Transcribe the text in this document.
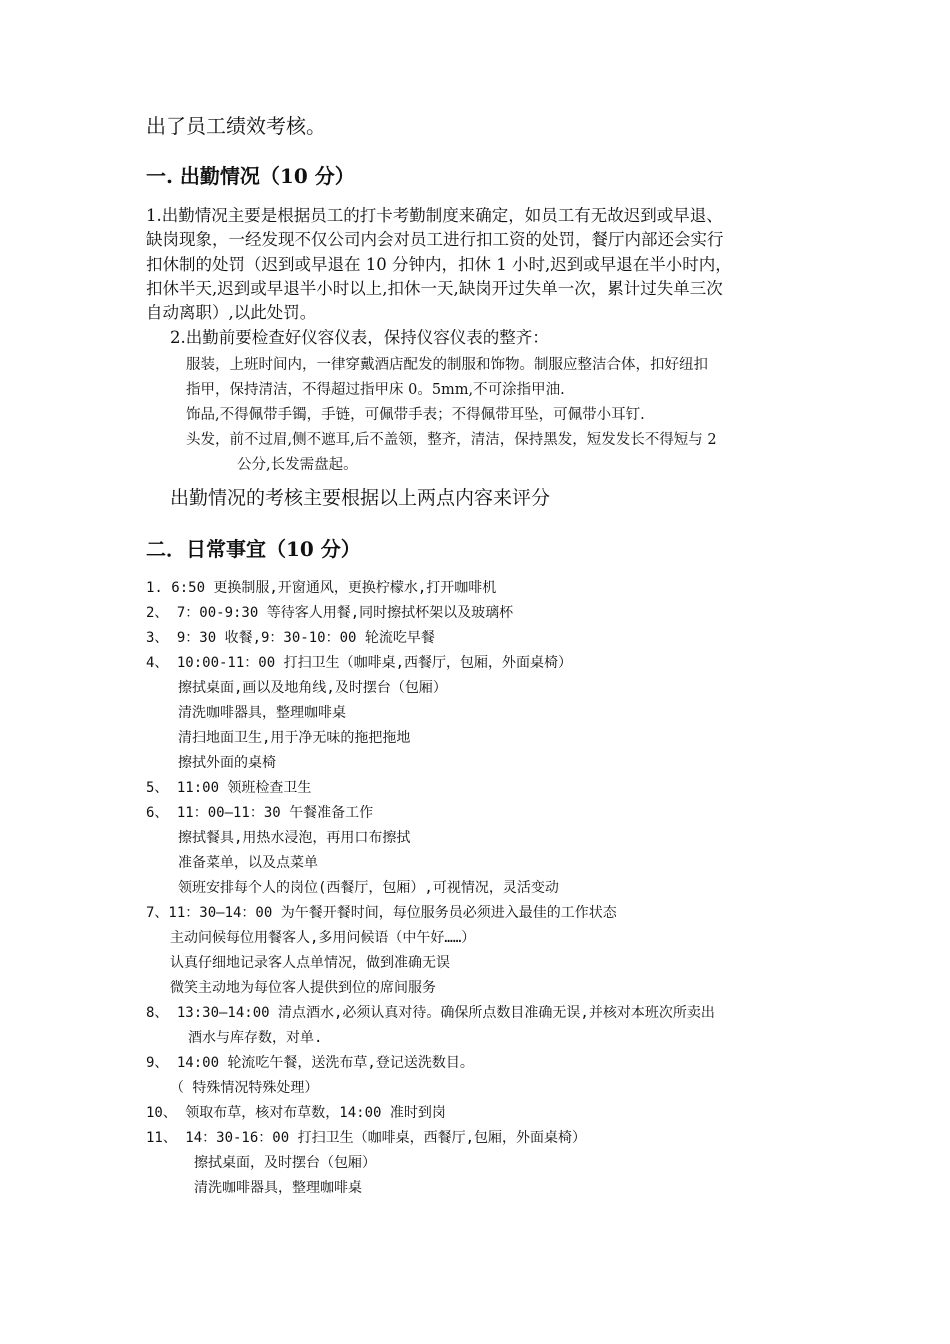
出了员工绩效考核。
一. 出勤情况（10 分）
1.出勤情况主要是根据员工的打卡考勤制度来确定，如员工有无故迟到或早退、
缺岗现象，一经发现不仅公司内会对员工进行扣工资的处罚，餐厅内部还会实行
扣休制的处罚（迟到或早退在 10 分钟内，扣休 1 小时,迟到或早退在半小时内，
扣休半天,迟到或早退半小时以上,扣休一天,缺岗开过失单一次，累计过失单三次
自动离职）,以此处罚。
2.出勤前要检查好仪容仪表，保持仪容仪表的整齐：
服装，上班时间内，一律穿戴酒店配发的制服和饰物。制服应整洁合体，扣好纽扣
指甲，保持清洁，不得超过指甲床 0。5mm,不可涂指甲油.
饰品,不得佩带手镯，手链，可佩带手表；不得佩带耳坠，可佩带小耳钉.
头发，前不过眉,侧不遮耳,后不盖领，整齐，清洁，保持黑发，短发发长不得短与 2
公分,长发需盘起。
出勤情况的考核主要根据以上两点内容来评分
二．日常事宜（10 分）
1. 6:50 更换制服,开窗通风，更换柠檬水,打开咖啡机
2、 7：00-9:30 等待客人用餐,同时擦拭杯架以及玻璃杯
3、 9：30 收餐,9：30-10：00 轮流吃早餐
4、 10:00-11：00 打扫卫生（咖啡桌,西餐厅，包厢，外面桌椅）
擦拭桌面,画以及地角线,及时摆台（包厢）
清洗咖啡器具，整理咖啡桌
清扫地面卫生,用于净无味的拖把拖地
擦拭外面的桌椅
5、 11:00 领班检查卫生
6、 11：00—11：30 午餐准备工作
擦拭餐具,用热水浸泡，再用口布擦拭
准备菜单，以及点菜单
领班安排每个人的岗位(西餐厅，包厢）,可视情况，灵活变动
7、11：30—14：00 为午餐开餐时间，每位服务员必须进入最佳的工作状态
主动问候每位用餐客人,多用问候语（中午好……）
认真仔细地记录客人点单情况，做到准确无误
微笑主动地为每位客人提供到位的席间服务
8、 13:30—14:00 清点酒水,必须认真对待。确保所点数目准确无误,并核对本班次所卖出
酒水与库存数，对单.
9、 14:00 轮流吃午餐，送洗布草,登记送洗数目。
（ 特殊情况特殊处理）
10、 领取布草，核对布草数，14:00 准时到岗
11、 14：30-16：00 打扫卫生（咖啡桌，西餐厅,包厢，外面桌椅）
擦拭桌面，及时摆台（包厢）
清洗咖啡器具，整理咖啡桌
